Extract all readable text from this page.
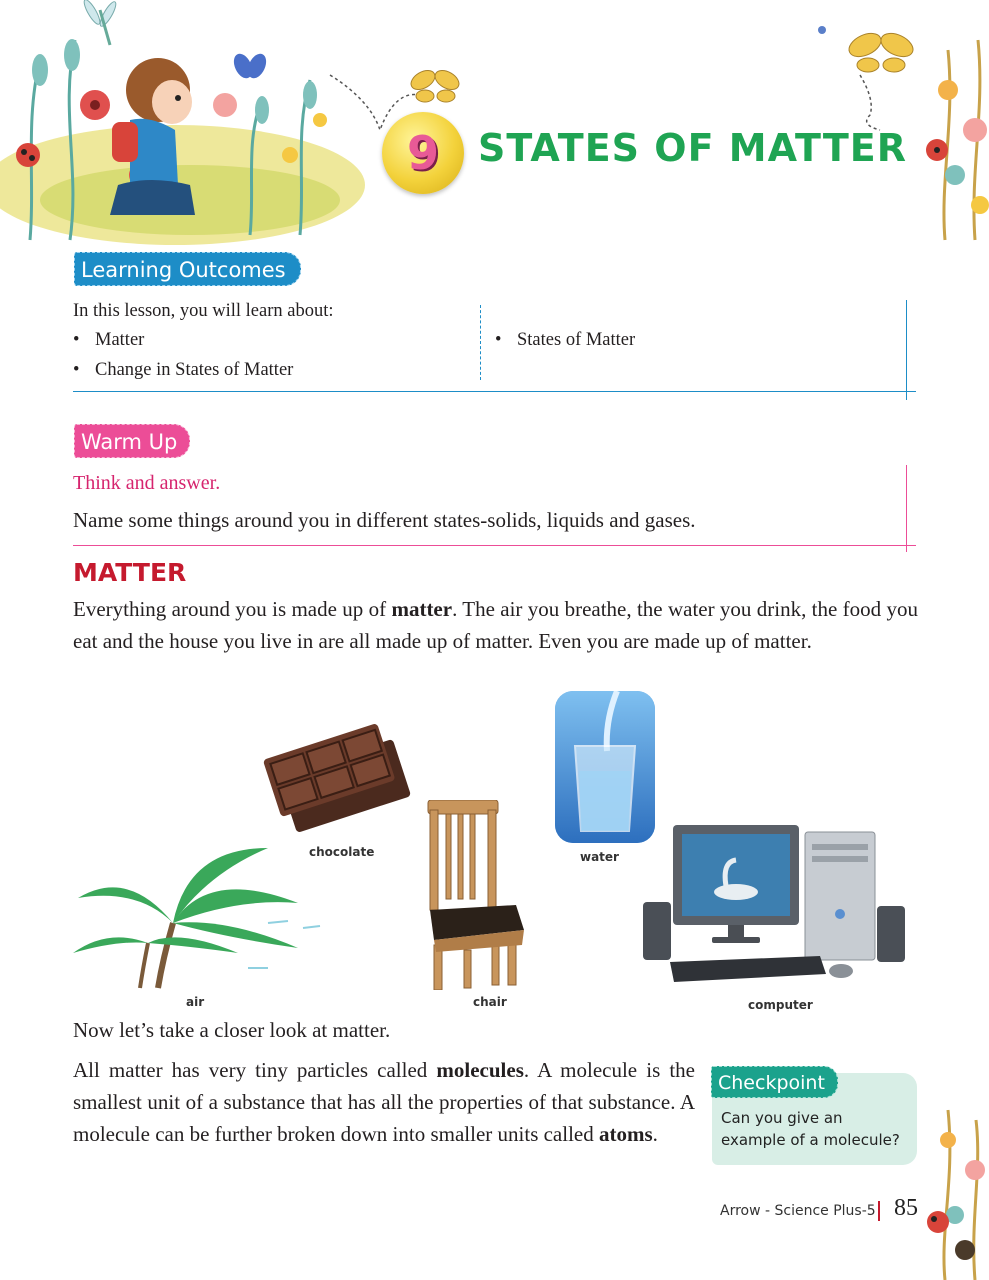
9	STATES OF MATTER
Learning Outcomes
In this lesson, you will learn about:
• Matter
• Change in States of Matter
• States of Matter
Warm Up
Think and answer.
Name some things around you in different states-solids, liquids and gases.
MATTER

Everything around you is made up of matter. The air you breathe, the water you drink, the food you eat and the house you live in are all made up of matter. Even you are made up of matter.

chocolate	water
air	chair	computer

Now let’s take a closer look at matter.

All matter has very tiny particles called molecules. A molecule is the smallest unit of a substance that has all the properties of that substance. A molecule can be further broken down into smaller units called atoms.

Checkpoint
Can you give an example of a molecule?
Arrow - Science Plus-5 85
